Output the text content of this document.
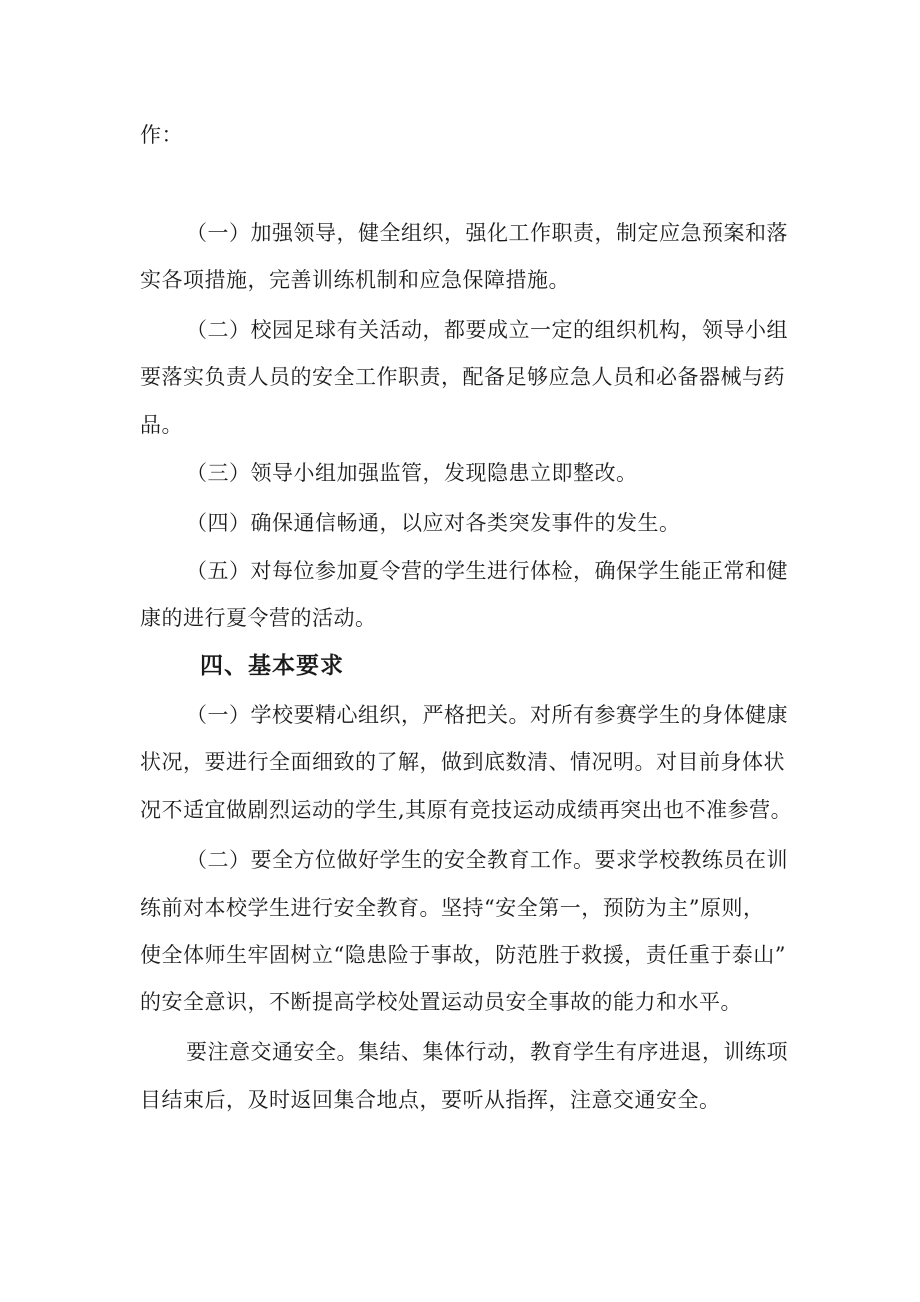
作：
（一）加强领导，健全组织，强化工作职责，制定应急预案和落
实各项措施，完善训练机制和应急保障措施。
（二）校园足球有关活动，都要成立一定的组织机构，领导小组
要落实负责人员的安全工作职责，配备足够应急人员和必备器械与药
品。
（三）领导小组加强监管，发现隐患立即整改。
（四）确保通信畅通，以应对各类突发事件的发生。
（五）对每位参加夏令营的学生进行体检，确保学生能正常和健
康的进行夏令营的活动。
四、基本要求
（一）学校要精心组织，严格把关。对所有参赛学生的身体健康
状况，要进行全面细致的了解，做到底数清、情况明。对目前身体状
况不适宜做剧烈运动的学生,其原有竞技运动成绩再突出也不准参营。
（二）要全方位做好学生的安全教育工作。要求学校教练员在训
练前对本校学生进行安全教育。坚持“安全第一，预防为主”原则，
使全体师生牢固树立“隐患险于事故，防范胜于救援，责任重于泰山”
的安全意识，不断提高学校处置运动员安全事故的能力和水平。
要注意交通安全。集结、集体行动，教育学生有序进退，训练项
目结束后，及时返回集合地点，要听从指挥，注意交通安全。
